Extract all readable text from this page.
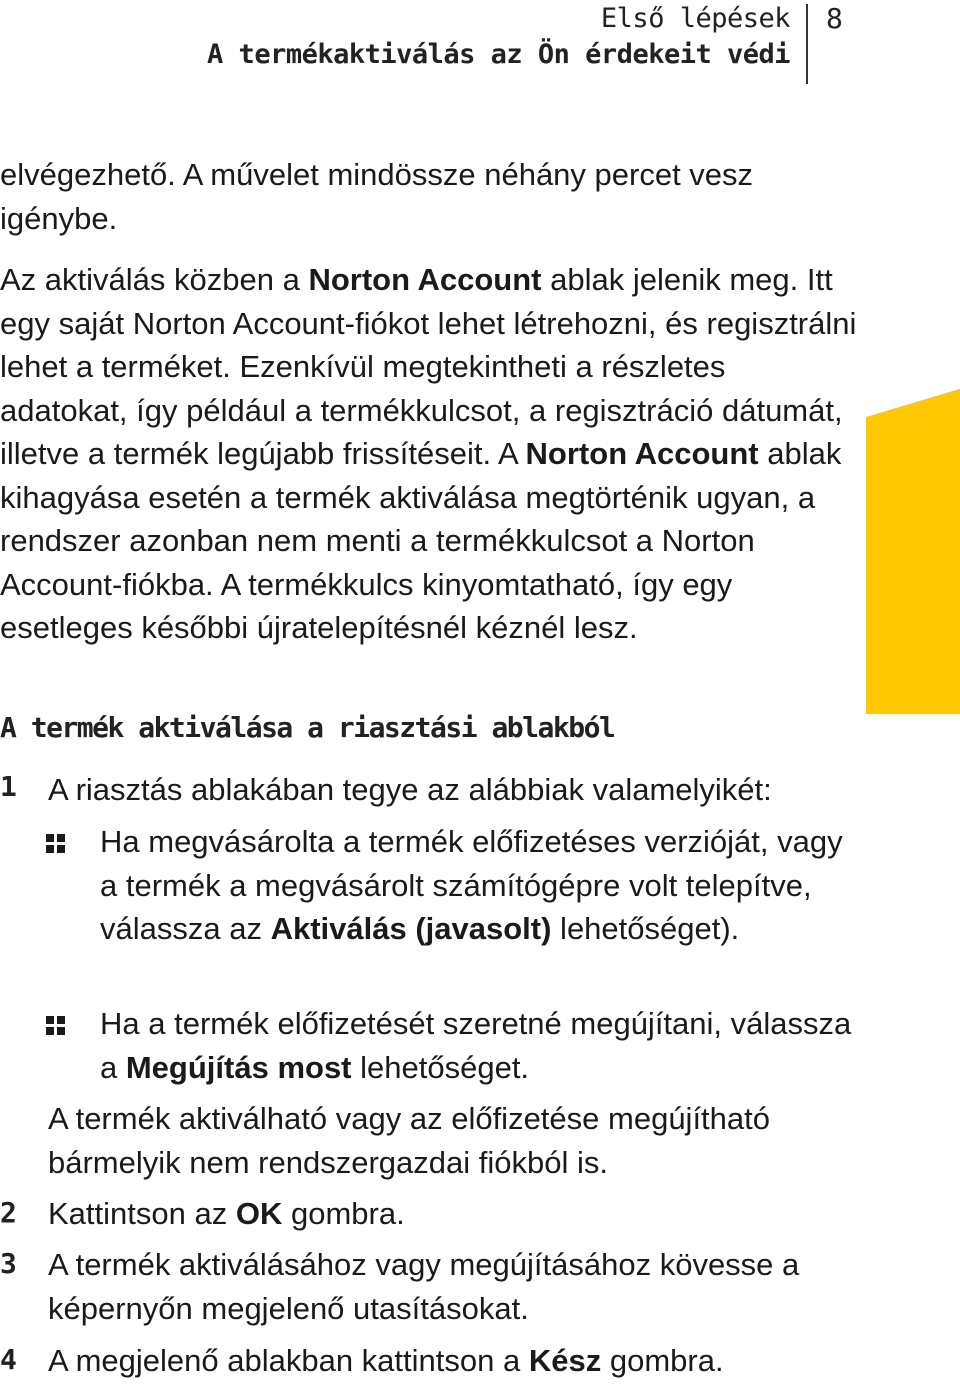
Első lépések
A termékaktiválás az Ön érdekeit védi
8

elvégezhető. A művelet mindössze néhány percet vesz igénybe.

Az aktiválás közben a Norton Account ablak jelenik meg. Itt egy saját Norton Account-fiókot lehet létrehozni, és regisztrálni lehet a terméket. Ezenkívül megtekintheti a részletes adatokat, így például a termékkulcsot, a regisztráció dátumát, illetve a termék legújabb frissítéseit. A Norton Account ablak kihagyása esetén a termék aktiválása megtörténik ugyan, a rendszer azonban nem menti a termékkulcsot a Norton Account-fiókba. A termékkulcs kinyomtatható, így egy esetleges későbbi újratelepítésnél kéznél lesz.

A termék aktiválása a riasztási ablakból
1 A riasztás ablakában tegye az alábbiak valamelyikét:

Ha megvásárolta a termék előfizetéses verzióját, vagy a termék a megvásárolt számítógépre volt telepítve, válassza az Aktiválás (javasolt) lehetőséget).

Ha a termék előfizetését szeretné megújítani, válassza a Megújítás most lehetőséget.

A termék aktiválható vagy az előfizetése megújítható bármelyik nem rendszergazdai fiókból is.

2 Kattintson az OK gombra.

3 A termék aktiválásához vagy megújításához kövesse a képernyőn megjelenő utasításokat.

4 A megjelenő ablakban kattintson a Kész gombra.
